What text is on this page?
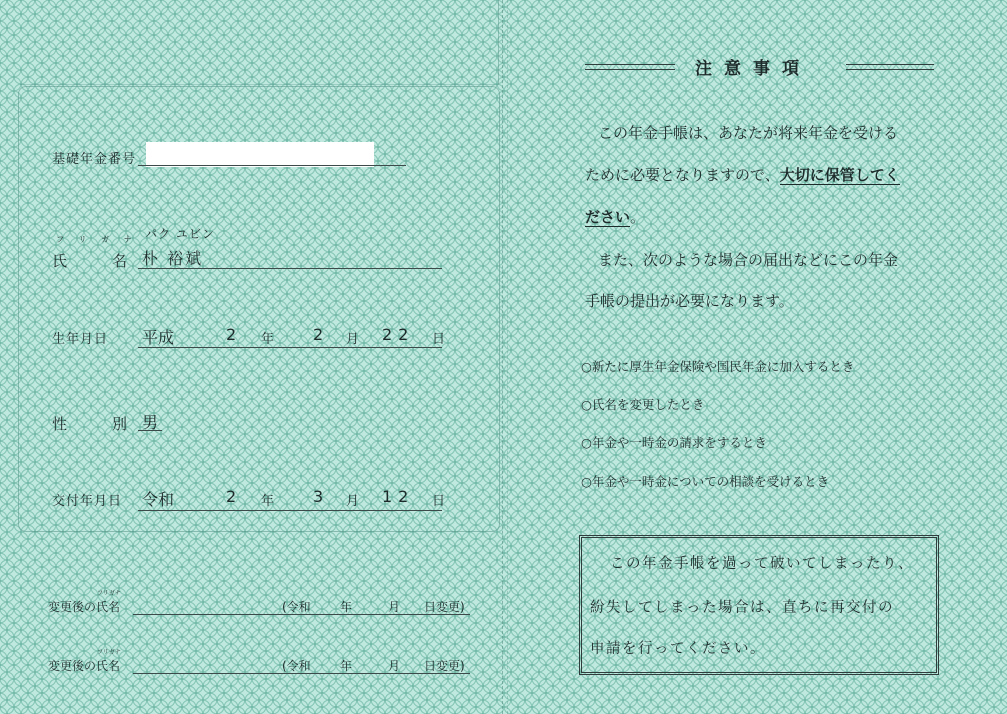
基礎年金番号
フ リ ガ ナ パク ユビン
氏	名 朴 裕斌
生年月日 平成	2 年 2 月 22 日
性	別 男
交付年月日 令和	2 年 3 月 12 日
フリガナ
変更後の氏名	(令和 年	月 日変更)
フリガナ
変更後の氏名	(令和 年	月 日変更)
注意事項
この年金手帳は、あなたが将来年金を受ける
ために必要となりますので、大切に保管してく
ださい。
また、次のような場合の届出などにこの年金
手帳の提出が必要になります。
○新たに厚生年金保険や国民年金に加入するとき
○氏名を変更したとき
○年金や一時金の請求をするとき
○年金や一時金についての相談を受けるとき
この年金手帳を過って破いてしまったり、
紛失してしまった場合は、直ちに再交付の
申請を行ってください。
